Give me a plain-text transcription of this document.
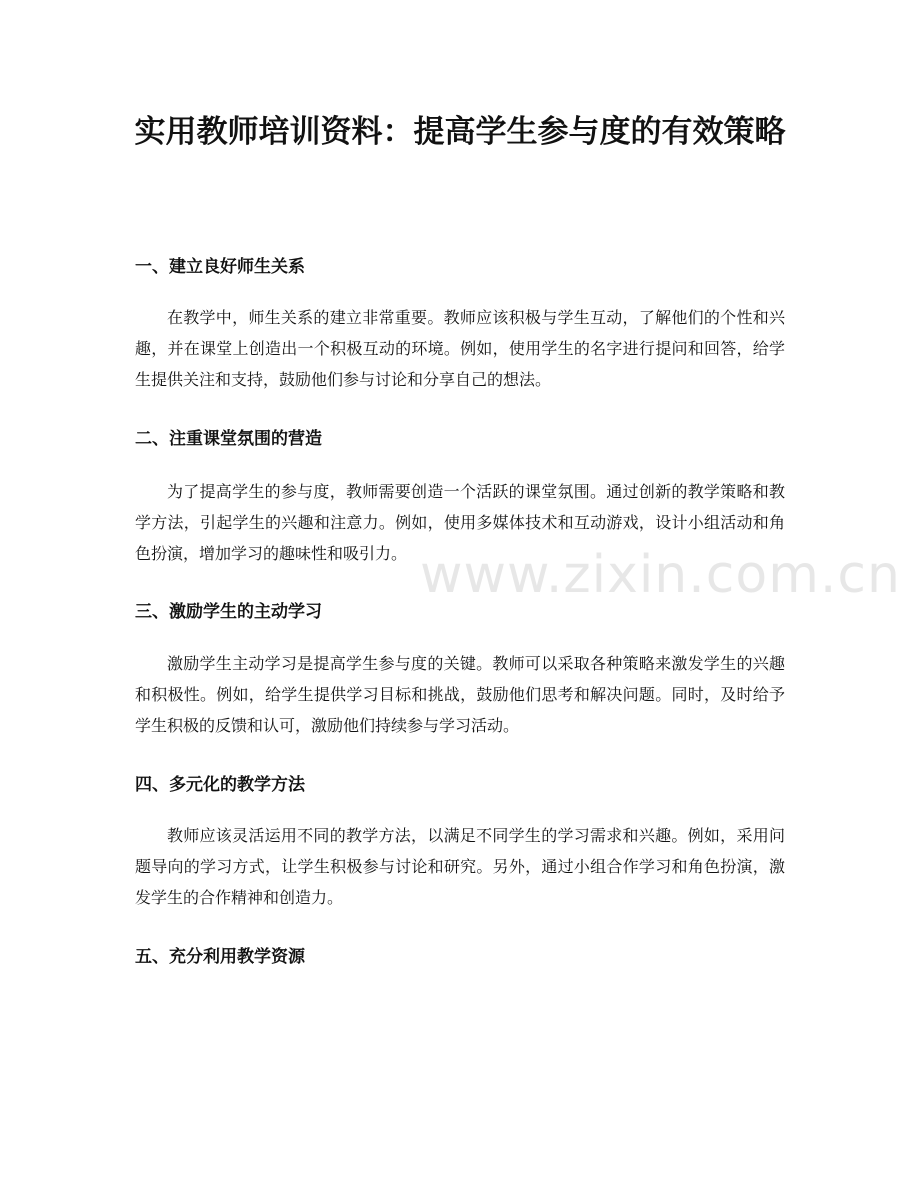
实用教师培训资料：提高学生参与度的有效策略
一、建立良好师生关系

在教学中，师生关系的建立非常重要。教师应该积极与学生互动，了解他们的个性和兴趣，并在课堂上创造出一个积极互动的环境。例如，使用学生的名字进行提问和回答，给学生提供关注和支持，鼓励他们参与讨论和分享自己的想法。

二、注重课堂氛围的营造

为了提高学生的参与度，教师需要创造一个活跃的课堂氛围。通过创新的教学策略和教学方法，引起学生的兴趣和注意力。例如，使用多媒体技术和互动游戏，设计小组活动和角色扮演，增加学习的趣味性和吸引力。

三、激励学生的主动学习

激励学生主动学习是提高学生参与度的关键。教师可以采取各种策略来激发学生的兴趣和积极性。例如，给学生提供学习目标和挑战，鼓励他们思考和解决问题。同时，及时给予学生积极的反馈和认可，激励他们持续参与学习活动。

四、多元化的教学方法

教师应该灵活运用不同的教学方法，以满足不同学生的学习需求和兴趣。例如，采用问题导向的学习方式，让学生积极参与讨论和研究。另外，通过小组合作学习和角色扮演，激发学生的合作精神和创造力。

五、充分利用教学资源
www.zixin.com.cn
